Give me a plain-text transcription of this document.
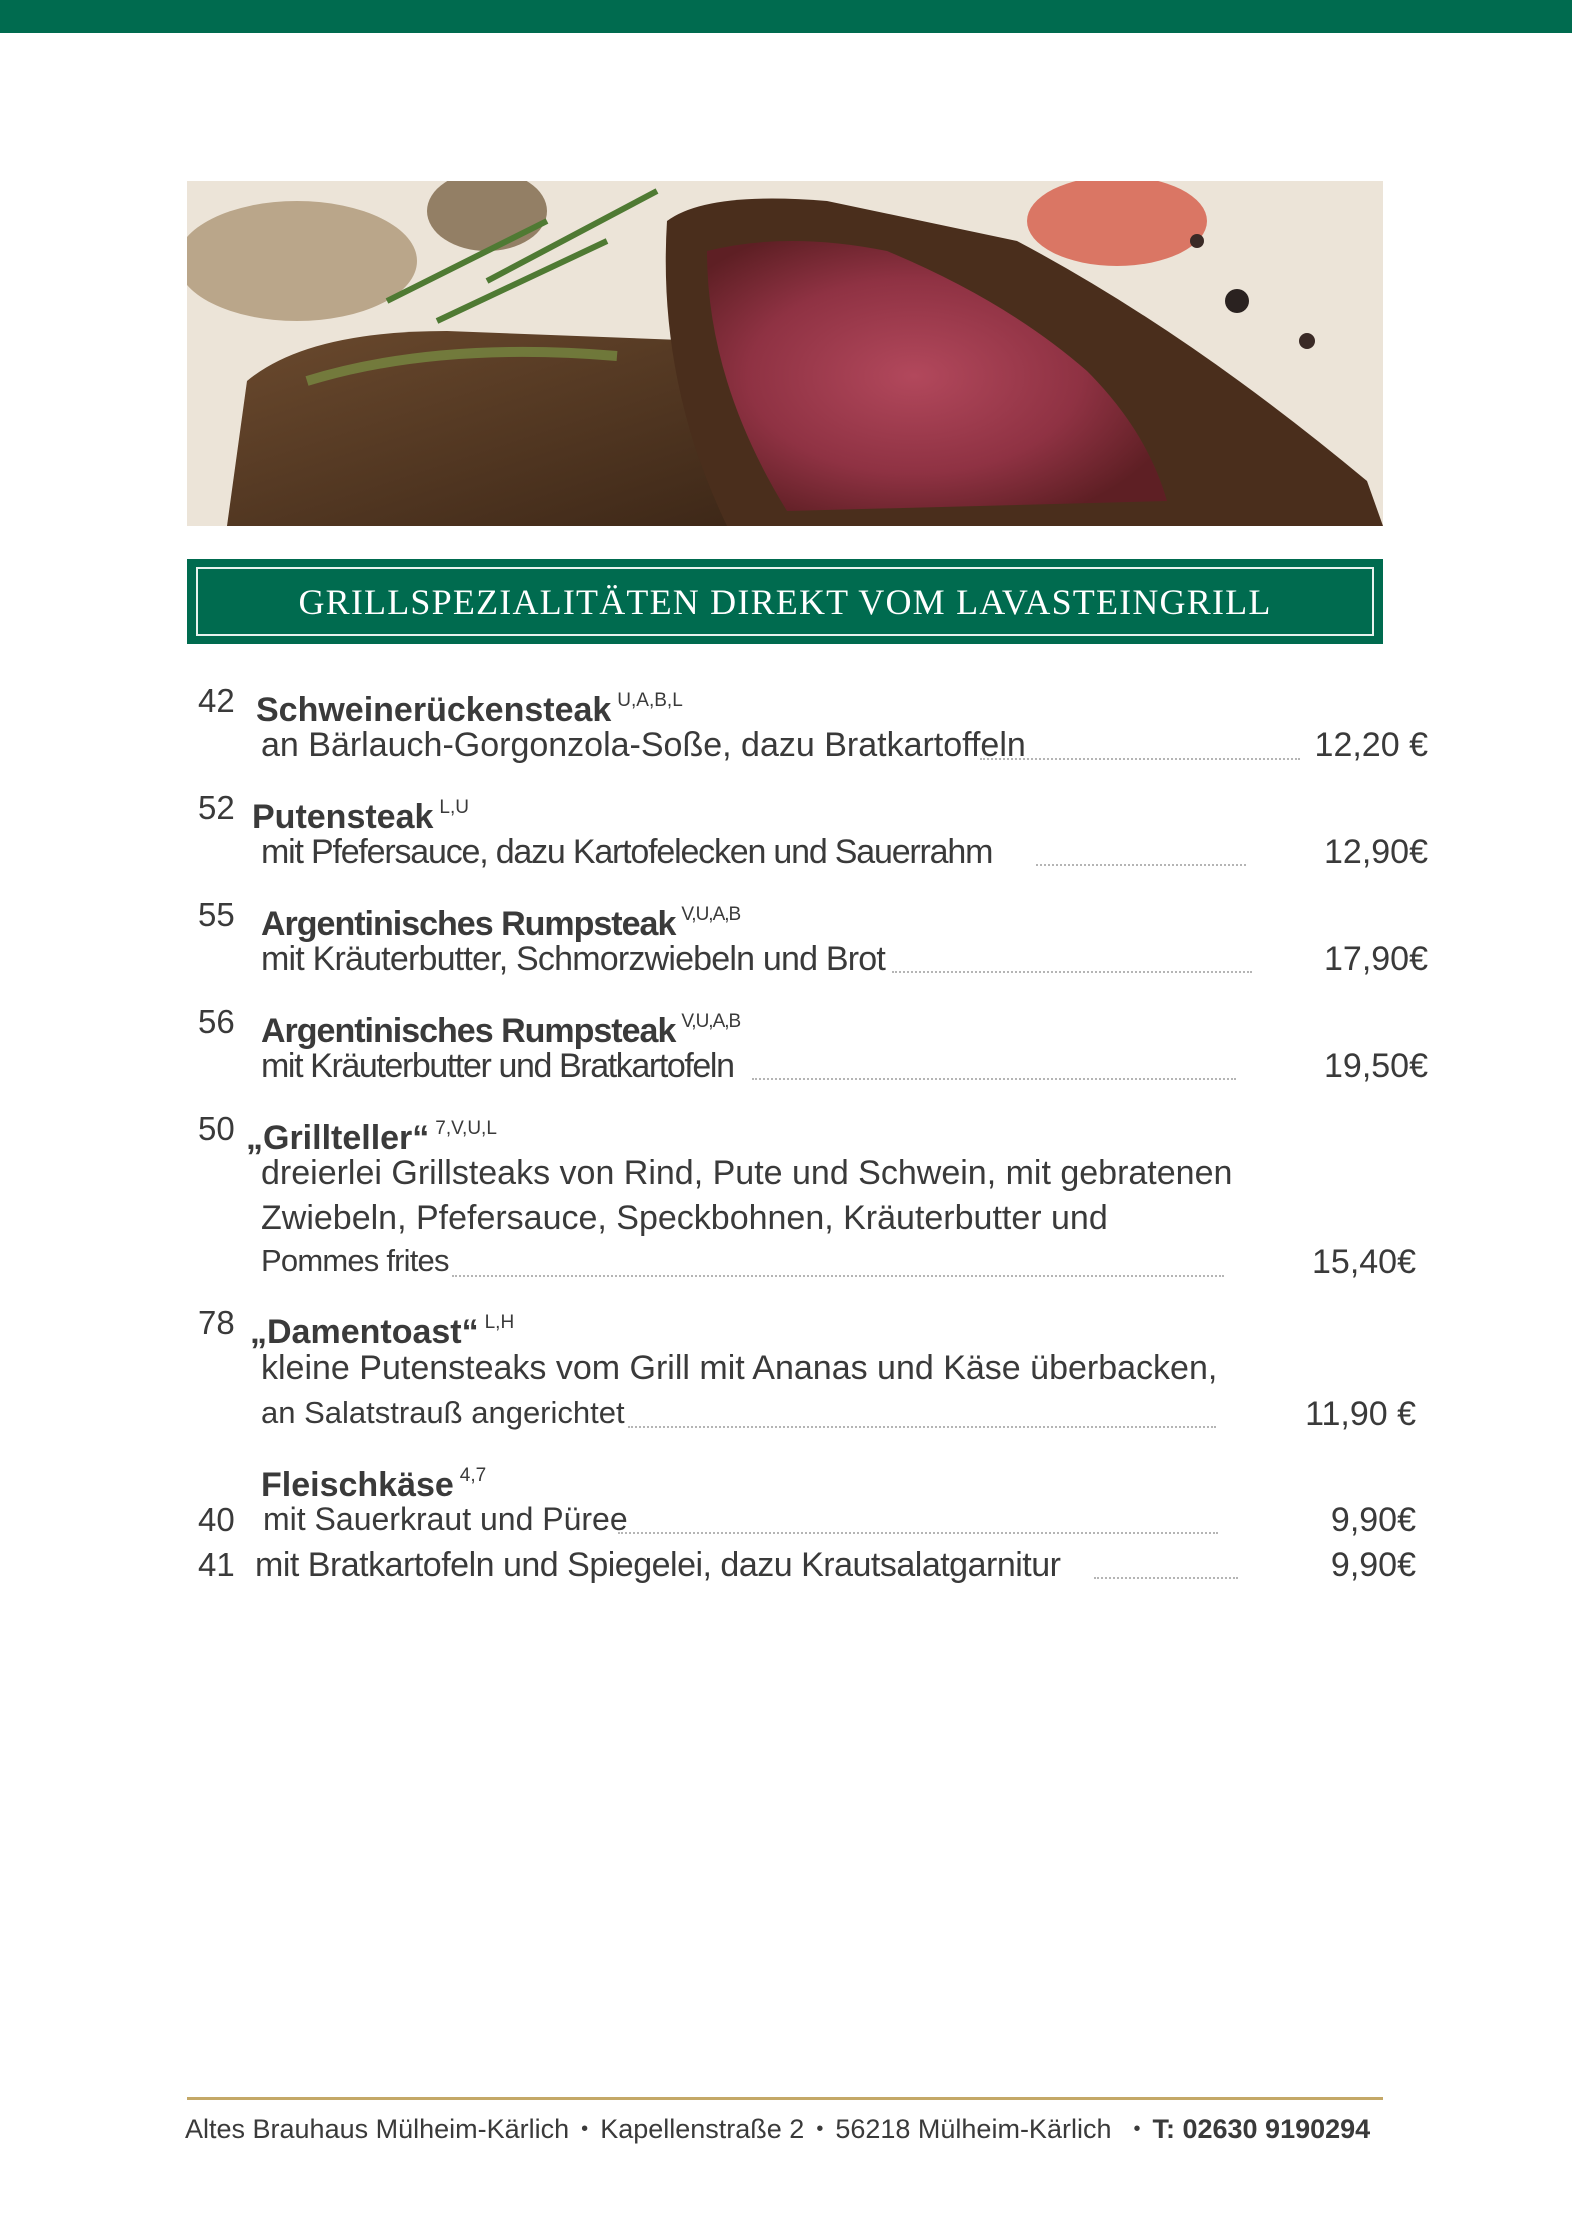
GRILLSPEZIALITÄTEN DIREKT VOM LAVASTEINGRILL
42 Schweinerückensteak $^{U,A,B,L}$
an Bärlauch-Gorgonzola-Soße, dazu Bratkartoffeln	12,20 €
52 Putensteak $^{L,U}$
mit Pfefersauce, dazu Kartofelecken und Sauerrahm	12,90€
55 Argentinisches Rumpsteak $^{V,U,A,B}$
mit Kräuterbutter, Schmorzwiebeln und Brot	17,90€
56 Argentinisches Rumpsteak $^{V,U,A,B}$
mit Kräuterbutter und Bratkartofeln	19,50€
50 „Grillteller“ $^{7,V,U,L}$
dreierlei Grillsteaks von Rind, Pute und Schwein, mit gebratenen
Zwiebeln, Pfefersauce, Speckbohnen, Kräuterbutter und
Pommes frites	15,40€
78 „Damentoast“ $^{L,H}$
kleine Putensteaks vom Grill mit Ananas und Käse überbacken,
an Salatstrauß angerichtet	11,90 €
Fleischkäse $^{4,7}$
40 mit Sauerkraut und Püree	9,90€
41 mit Bratkartofeln und Spiegelei, dazu Krautsalatgarnitur	9,90€
Altes Brauhaus Mülheim-Kärlich • Kapellenstraße 2 • 56218 Mülheim-Kärlich • T: 02630 9190294
